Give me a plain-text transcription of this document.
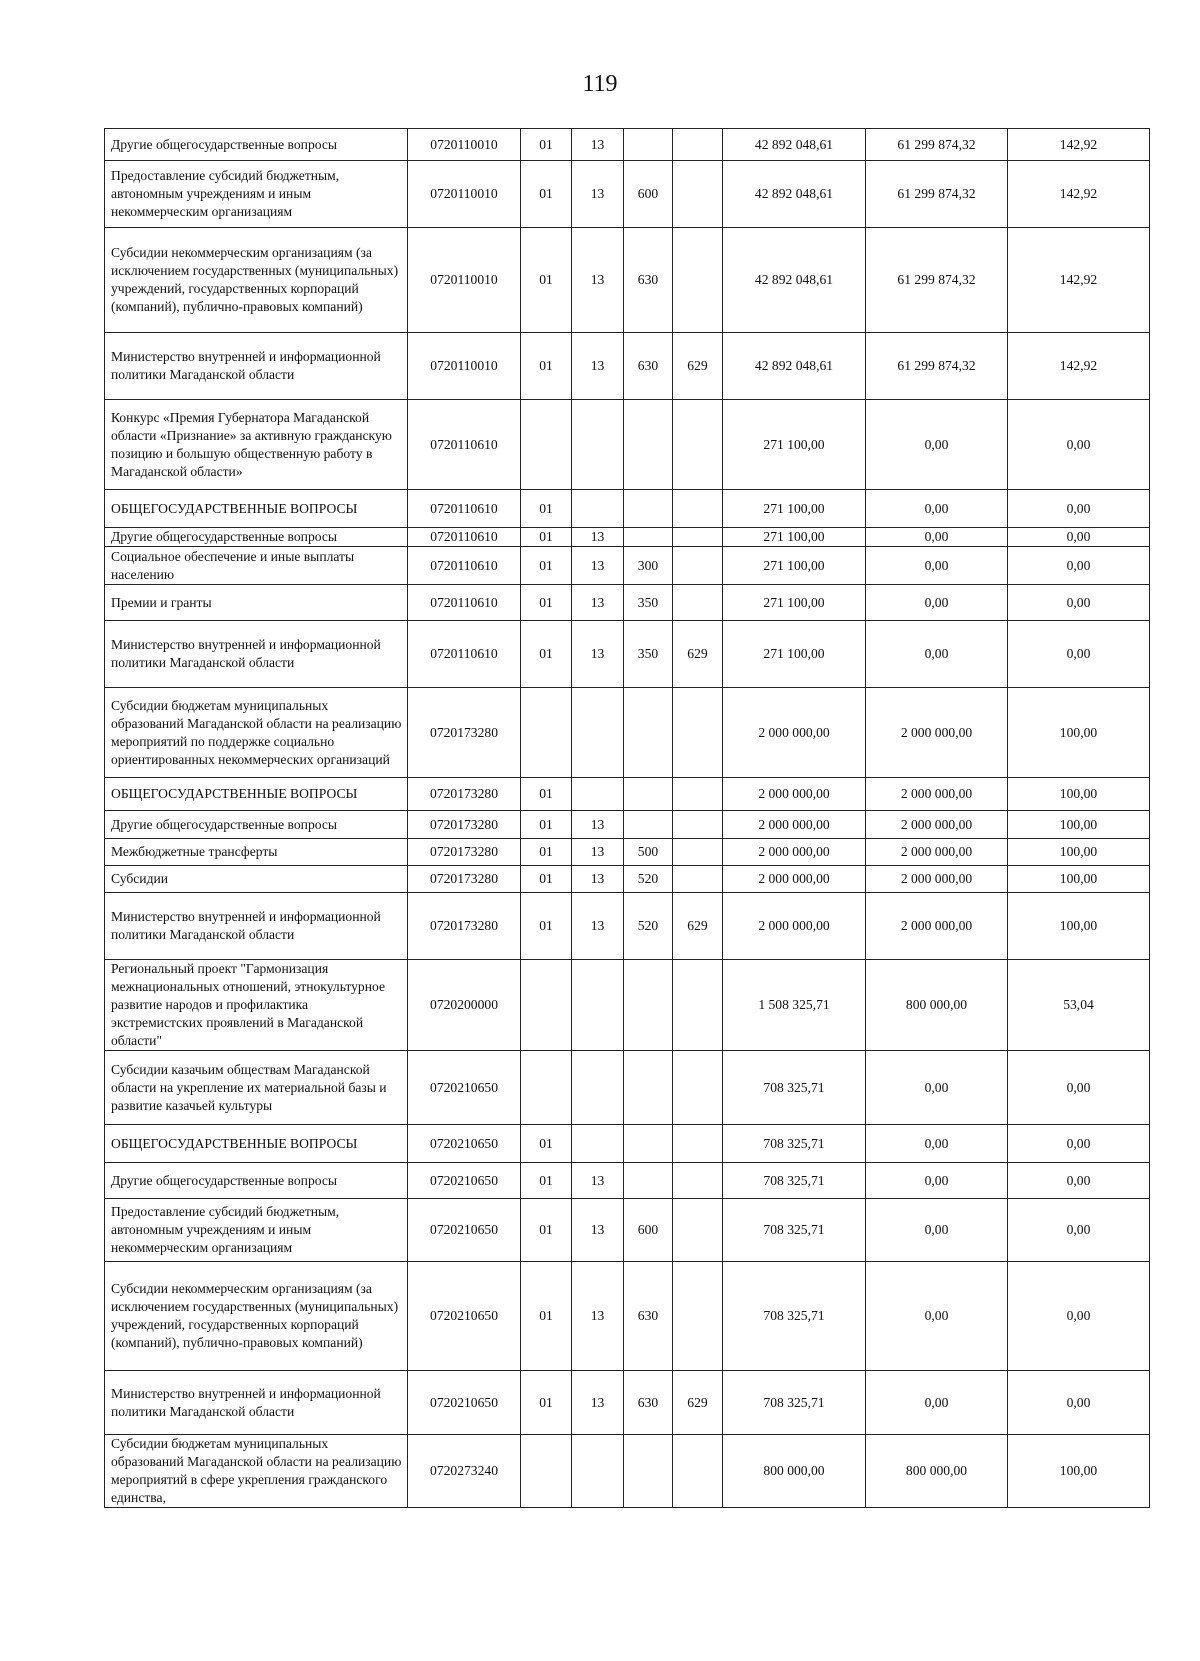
119
Другие общегосударственные вопросы	0720110010	01	13			42 892 048,61	61 299 874,32	142,92
Предоставление субсидий бюджетным, автономным учреждениям и иным некоммерческим организациям	0720110010	01	13	600		42 892 048,61	61 299 874,32	142,92
Субсидии некоммерческим организациям (за исключением государственных (муниципальных) учреждений, государственных корпораций (компаний), публично-правовых компаний)	0720110010	01	13	630		42 892 048,61	61 299 874,32	142,92
Министерство внутренней и информационной политики Магаданской области	0720110010	01	13	630	629	42 892 048,61	61 299 874,32	142,92
Конкурс «Премия Губернатора Магаданской области «Признание» за активную гражданскую позицию и большую общественную работу в Магаданской области»	0720110610					271 100,00	0,00	0,00
ОБЩЕГОСУДАРСТВЕННЫЕ ВОПРОСЫ	0720110610	01				271 100,00	0,00	0,00
Другие общегосударственные вопросы	0720110610	01	13			271 100,00	0,00	0,00
Социальное обеспечение и иные выплаты населению	0720110610	01	13	300		271 100,00	0,00	0,00
Премии и гранты	0720110610	01	13	350		271 100,00	0,00	0,00
Министерство внутренней и информационной политики Магаданской области	0720110610	01	13	350	629	271 100,00	0,00	0,00
Субсидии бюджетам муниципальных образований Магаданской области на реализацию мероприятий по поддержке социально ориентированных некоммерческих организаций	0720173280					2 000 000,00	2 000 000,00	100,00
ОБЩЕГОСУДАРСТВЕННЫЕ ВОПРОСЫ	0720173280	01				2 000 000,00	2 000 000,00	100,00
Другие общегосударственные вопросы	0720173280	01	13			2 000 000,00	2 000 000,00	100,00
Межбюджетные трансферты	0720173280	01	13	500		2 000 000,00	2 000 000,00	100,00
Субсидии	0720173280	01	13	520		2 000 000,00	2 000 000,00	100,00
Министерство внутренней и информационной политики Магаданской области	0720173280	01	13	520	629	2 000 000,00	2 000 000,00	100,00
Региональный проект "Гармонизация межнациональных отношений, этнокультурное развитие народов и профилактика экстремистских проявлений в Магаданской области"	0720200000					1 508 325,71	800 000,00	53,04
Субсидии казачьим обществам Магаданской области на укрепление их материальной базы и развитие казачьей культуры	0720210650					708 325,71	0,00	0,00
ОБЩЕГОСУДАРСТВЕННЫЕ ВОПРОСЫ	0720210650	01				708 325,71	0,00	0,00
Другие общегосударственные вопросы	0720210650	01	13			708 325,71	0,00	0,00
Предоставление субсидий бюджетным, автономным учреждениям и иным некоммерческим организациям	0720210650	01	13	600		708 325,71	0,00	0,00
Субсидии некоммерческим организациям (за исключением государственных (муниципальных) учреждений, государственных корпораций (компаний), публично-правовых компаний)	0720210650	01	13	630		708 325,71	0,00	0,00
Министерство внутренней и информационной политики Магаданской области	0720210650	01	13	630	629	708 325,71	0,00	0,00
Субсидии бюджетам муниципальных образований Магаданской области на реализацию мероприятий в сфере укрепления гражданского единства,	0720273240					800 000,00	800 000,00	100,00
